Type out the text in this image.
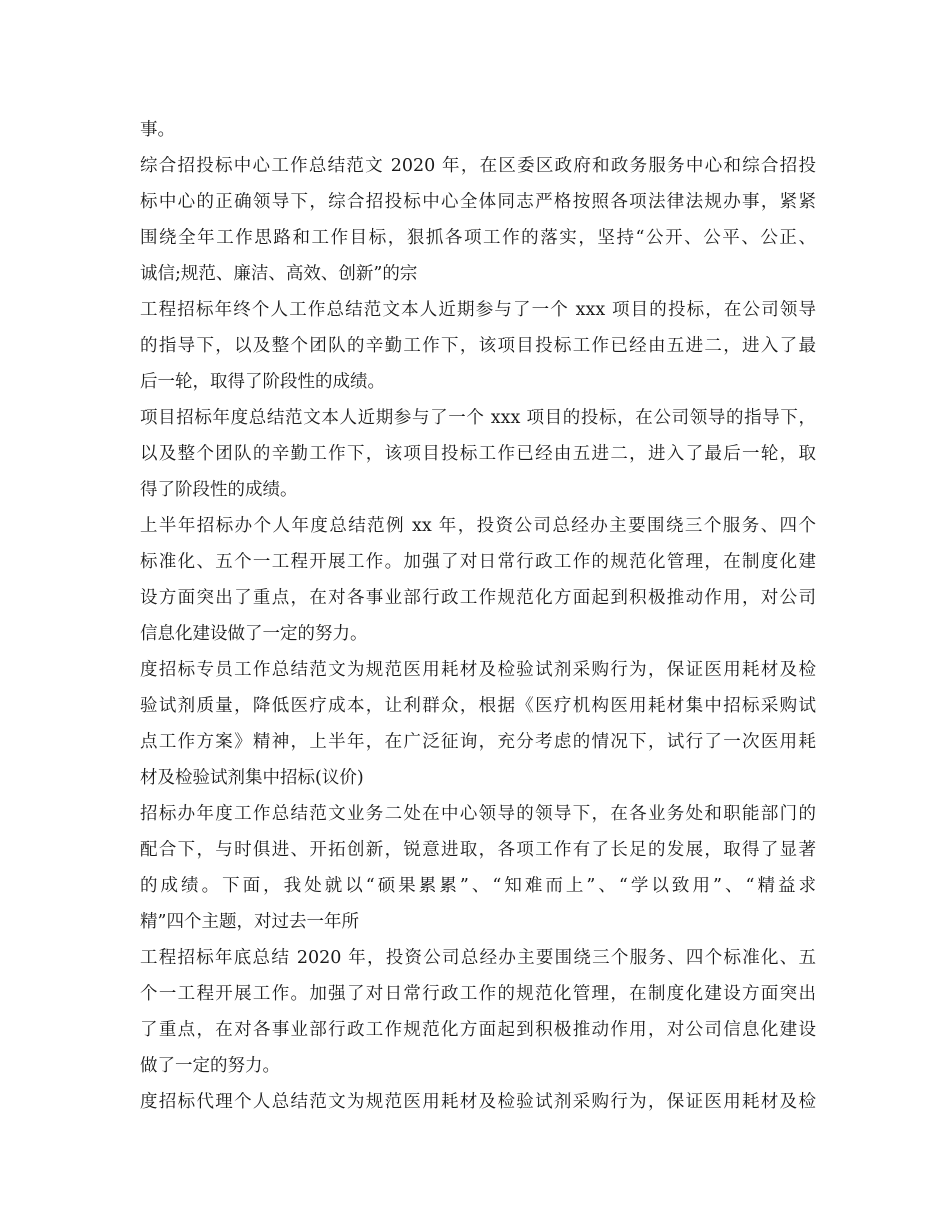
事。
综合招投标中心工作总结范文 2020 年，在区委区政府和政务服务中心和综合招投
标中心的正确领导下，综合招投标中心全体同志严格按照各项法律法规办事，紧紧
围绕全年工作思路和工作目标，狠抓各项工作的落实，坚持“公开、公平、公正、
诚信;规范、廉洁、高效、创新”的宗
工程招标年终个人工作总结范文本人近期参与了一个 xxx 项目的投标，在公司领导
的指导下，以及整个团队的辛勤工作下，该项目投标工作已经由五进二，进入了最
后一轮，取得了阶段性的成绩。
项目招标年度总结范文本人近期参与了一个 xxx 项目的投标，在公司领导的指导下，
以及整个团队的辛勤工作下，该项目投标工作已经由五进二，进入了最后一轮，取
得了阶段性的成绩。
上半年招标办个人年度总结范例 xx 年，投资公司总经办主要围绕三个服务、四个
标准化、五个一工程开展工作。加强了对日常行政工作的规范化管理，在制度化建
设方面突出了重点，在对各事业部行政工作规范化方面起到积极推动作用，对公司
信息化建设做了一定的努力。
度招标专员工作总结范文为规范医用耗材及检验试剂采购行为，保证医用耗材及检
验试剂质量，降低医疗成本，让利群众，根据《医疗机构医用耗材集中招标采购试
点工作方案》精神，上半年，在广泛征询，充分考虑的情况下，试行了一次医用耗
材及检验试剂集中招标(议价)
招标办年度工作总结范文业务二处在中心领导的领导下，在各业务处和职能部门的
配合下，与时俱进、开拓创新，锐意进取，各项工作有了长足的发展，取得了显著
的成绩。下面，我处就以“硕果累累”、“知难而上”、“学以致用”、“精益求
精”四个主题，对过去一年所
工程招标年底总结 2020 年，投资公司总经办主要围绕三个服务、四个标准化、五
个一工程开展工作。加强了对日常行政工作的规范化管理，在制度化建设方面突出
了重点，在对各事业部行政工作规范化方面起到积极推动作用，对公司信息化建设
做了一定的努力。
度招标代理个人总结范文为规范医用耗材及检验试剂采购行为，保证医用耗材及检
